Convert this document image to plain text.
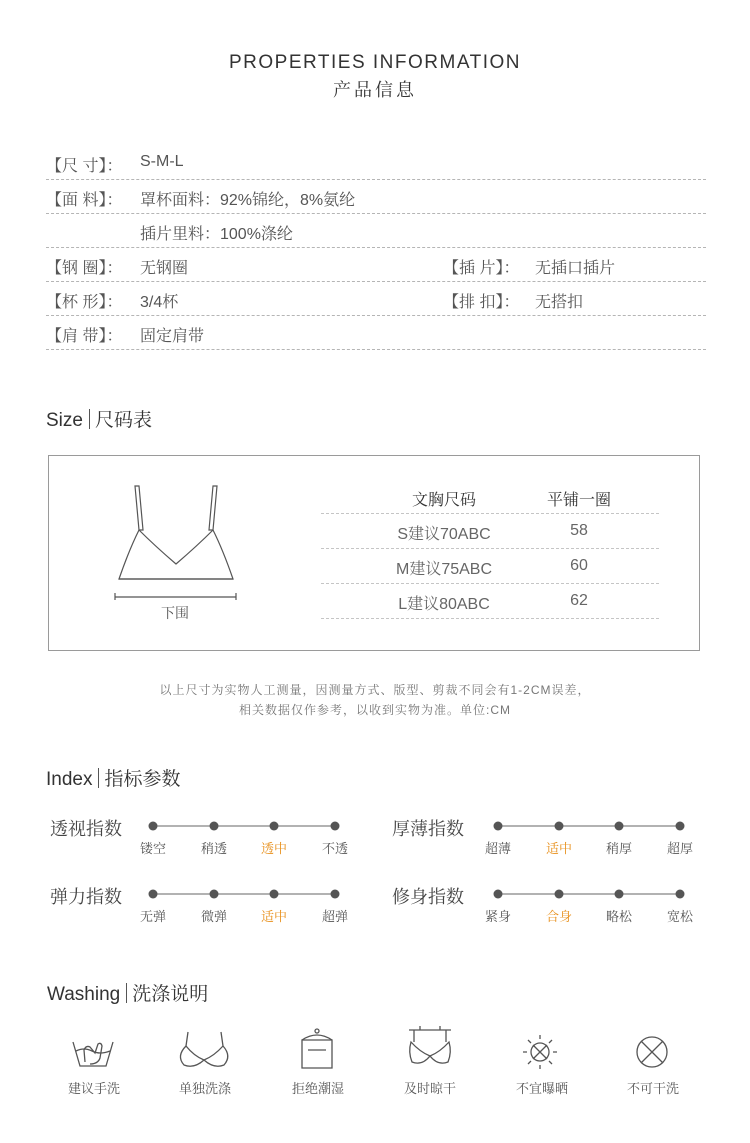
PROPERTIES INFORMATION
产品信息
【尺 寸】： S-M-L
【面 料】： 罩杯面料：92%锦纶，8%氨纶
插片里料：100%涤纶
【钢 圈】： 无钢圈	【插 片】： 无插口插片
【杯 形】： 3/4杯	【排 扣】： 无搭扣
【肩 带】： 固定肩带
Size 尺码表
下围
文胸尺码	平铺一圈
S建议70ABC	58
M建议75ABC	60
L建议80ABC	62
以上尺寸为实物人工测量，因测量方式、版型、剪裁不同会有1-2CM误差，
相关数据仅作参考，以收到实物为准。单位:CM
Index 指标参数
透视指数
镂空	稍透	透中	不透
厚薄指数
超薄	适中	稍厚	超厚
弹力指数
无弹	微弹	适中	超弹
修身指数
紧身	合身	略松	宽松
Washing 洗涤说明
建议手洗	单独洗涤	拒绝潮湿	及时晾干	不宜曝晒	不可干洗
